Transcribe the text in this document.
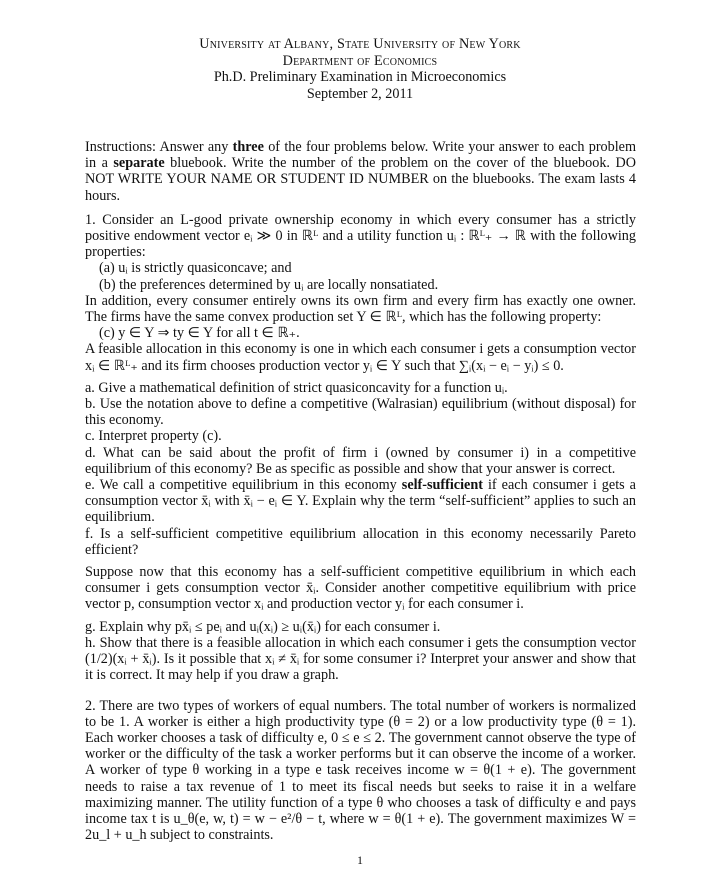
University at Albany, State University of New York
Department of Economics
Ph.D. Preliminary Examination in Microeconomics
September 2, 2011

Instructions: Answer any three of the four problems below. Write your answer to each problem in a separate bluebook. Write the number of the problem on the cover of the bluebook. DO NOT WRITE YOUR NAME OR STUDENT ID NUMBER on the bluebooks. The exam lasts 4 hours.

1. Consider an L-good private ownership economy in which every consumer has a strictly positive endowment vector eᵢ ≫ 0 in ℝᴸ and a utility function uᵢ : ℝᴸ₊ → ℝ with the following properties:

(a) uᵢ is strictly quasiconcave; and

(b) the preferences determined by uᵢ are locally nonsatiated.

In addition, every consumer entirely owns its own firm and every firm has exactly one owner. The firms have the same convex production set Y ∈ ℝᴸ, which has the following property:

(c) y ∈ Y ⇒ ty ∈ Y for all t ∈ ℝ₊.

A feasible allocation in this economy is one in which each consumer i gets a consumption vector xᵢ ∈ ℝᴸ₊ and its firm chooses production vector yᵢ ∈ Y such that ∑ᵢ(xᵢ − eᵢ − yᵢ) ≤ 0.

a. Give a mathematical definition of strict quasiconcavity for a function uᵢ.

b. Use the notation above to define a competitive (Walrasian) equilibrium (without disposal) for this economy.

c. Interpret property (c).

d. What can be said about the profit of firm i (owned by consumer i) in a competitive equilibrium of this economy? Be as specific as possible and show that your answer is correct.

e. We call a competitive equilibrium in this economy self-sufficient if each consumer i gets a consumption vector x̄ᵢ with x̄ᵢ − eᵢ ∈ Y. Explain why the term “self-sufficient” applies to such an equilibrium.

f. Is a self-sufficient competitive equilibrium allocation in this economy necessarily Pareto efficient?

Suppose now that this economy has a self-sufficient competitive equilibrium in which each consumer i gets consumption vector x̄ᵢ. Consider another competitive equilibrium with price vector p, consumption vector xᵢ and production vector yᵢ for each consumer i.

g. Explain why px̄ᵢ ≤ peᵢ and uᵢ(xᵢ) ≥ uᵢ(x̄ᵢ) for each consumer i.

h. Show that there is a feasible allocation in which each consumer i gets the consumption vector (1/2)(xᵢ + x̄ᵢ). Is it possible that xᵢ ≠ x̄ᵢ for some consumer i? Interpret your answer and show that it is correct. It may help if you draw a graph.

2. There are two types of workers of equal numbers. The total number of workers is normalized to be 1. A worker is either a high productivity type (θ = 2) or a low productivity type (θ = 1). Each worker chooses a task of difficulty e, 0 ≤ e ≤ 2. The government cannot observe the type of worker or the difficulty of the task a worker performs but it can observe the income of a worker. A worker of type θ working in a type e task receives income w = θ(1 + e). The government needs to raise a tax revenue of 1 to meet its fiscal needs but seeks to raise it in a welfare maximizing manner. The utility function of a type θ who chooses a task of difficulty e and pays income tax t is u_θ(e, w, t) = w − e²/θ − t, where w = θ(1 + e). The government maximizes W = 2u_l + u_h subject to constraints.

1
